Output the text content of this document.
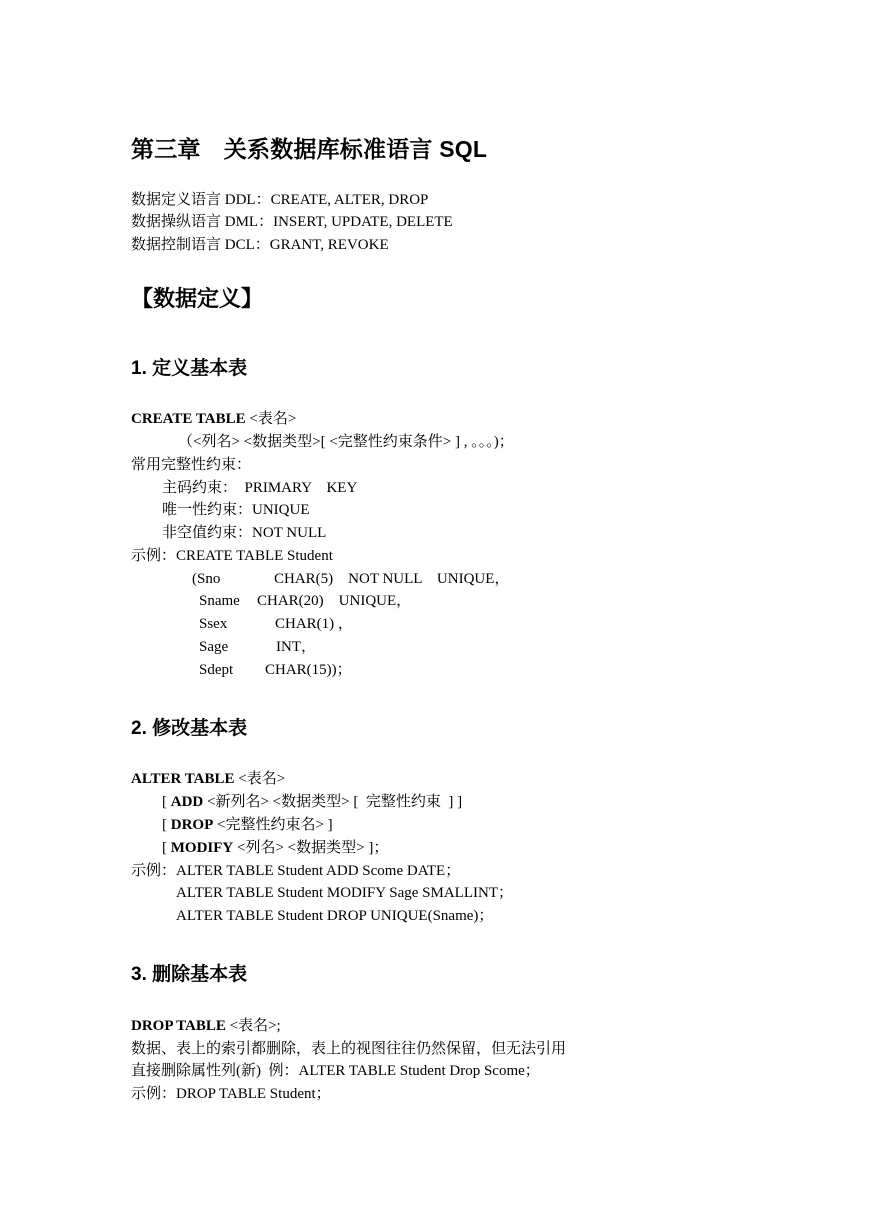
第三章　关系数据库标准语言 SQL
数据定义语言 DDL：CREATE, ALTER, DROP
数据操纵语言 DML：INSERT, UPDATE, DELETE
数据控制语言 DCL：GRANT, REVOKE
【数据定义】
1. 定义基本表
CREATE TABLE <表名>
（<列名> <数据类型>[ <完整性约束条件> ] , 。。。)；
常用完整性约束：
主码约束：　PRIMARY    KEY
唯一性约束：UNIQUE
非空值约束：NOT NULL
示例：CREATE TABLE Student
(Sno	CHAR(5)    NOT NULL    UNIQUE，
Sname CHAR(20)    UNIQUE，
Ssex	CHAR(1) ，
Sage	INT，
Sdept CHAR(15))；
2. 修改基本表
ALTER TABLE <表名>
[ ADD <新列名> <数据类型> [  完整性约束  ] ]
[ DROP <完整性约束名> ]
[ MODIFY <列名> <数据类型> ]；
示例：ALTER TABLE Student ADD Scome DATE；
ALTER TABLE Student MODIFY Sage SMALLINT；
ALTER TABLE Student DROP UNIQUE(Sname)；
3. 删除基本表
DROP TABLE <表名>;
数据、表上的索引都删除，表上的视图往往仍然保留，但无法引用
直接删除属性列(新)  例：ALTER TABLE Student Drop Scome；
示例：DROP TABLE Student；
